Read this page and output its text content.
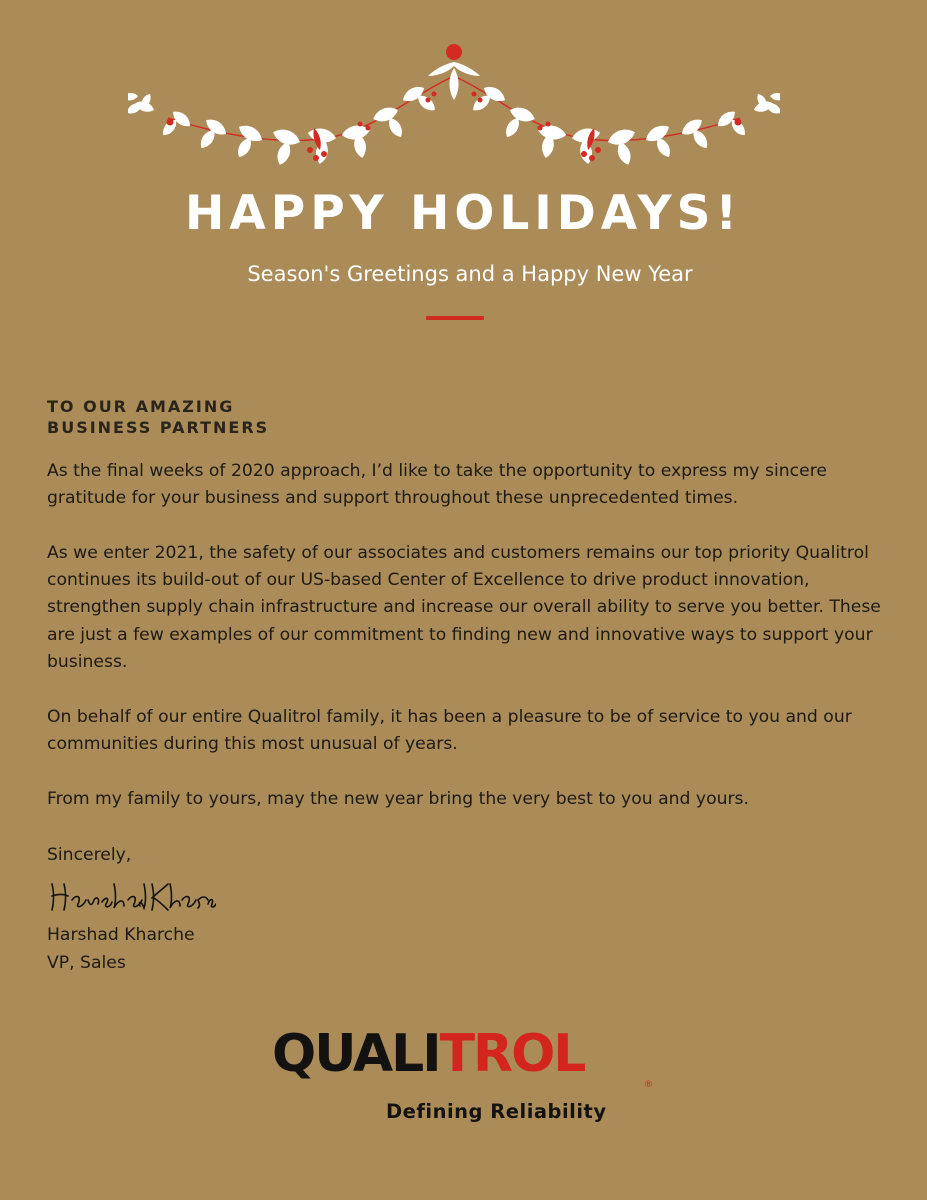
HAPPY HOLIDAYS!

Season's Greetings and a Happy New Year

TO OUR AMAZING
BUSINESS PARTNERS

As the final weeks of 2020 approach, I’d like to take the opportunity to express my sincere gratitude for your business and support throughout these unprecedented times.

As we enter 2021, the safety of our associates and customers remains our top priority Qualitrol continues its build-out of our US-based Center of Excellence to drive product innovation, strengthen supply chain infrastructure and increase our overall ability to serve you better. These are just a few examples of our commitment to finding new and innovative ways to support your business.

On behalf of our entire Qualitrol family, it has been a pleasure to be of service to you and our communities during this most unusual of years.

From my family to yours, may the new year bring the very best to you and yours.

Sincerely,
Harshad Kharche
Harshad Kharche
VP, Sales
QUALITROL
®
Defining Reliability
